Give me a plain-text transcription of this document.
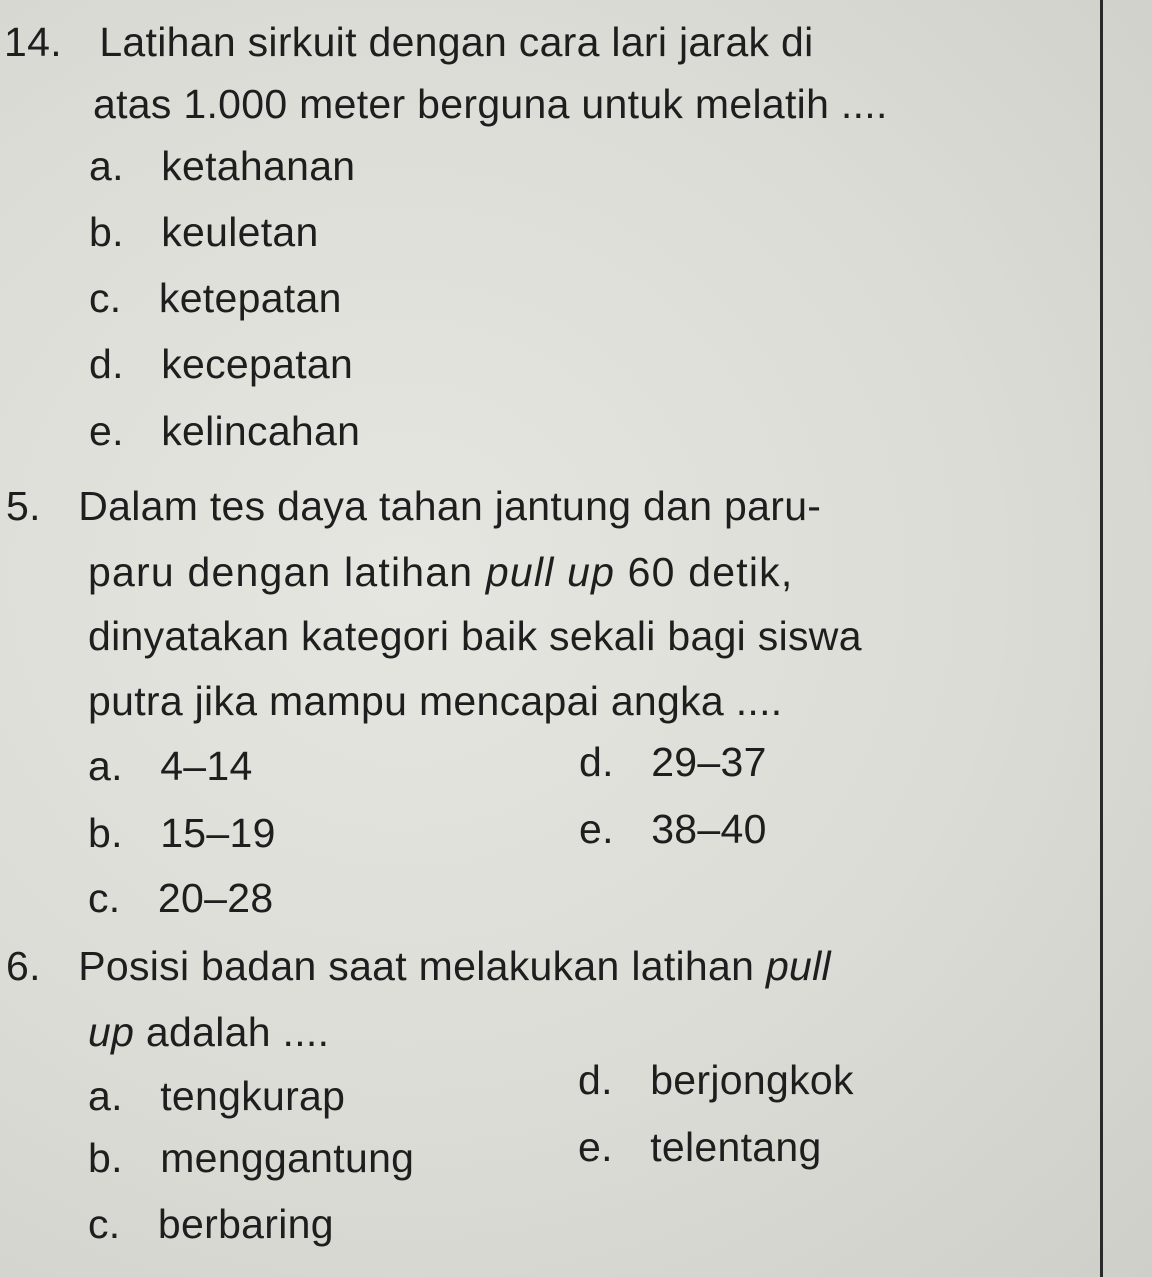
14. Latihan sirkuit dengan cara lari jarak di
atas 1.000 meter berguna untuk melatih ....
a. ketahanan
b. keuletan
c. ketepatan
d. kecepatan
e. kelincahan
5. Dalam tes daya tahan jantung dan paru-
paru dengan latihan pull up 60 detik,
dinyatakan kategori baik sekali bagi siswa
putra jika mampu mencapai angka ....
a. 4–14
b. 15–19
c. 20–28
d. 29–37
e. 38–40
6. Posisi badan saat melakukan latihan pull
up adalah ....
a. tengkurap
b. menggantung
c. berbaring
d. berjongkok
e. telentang
